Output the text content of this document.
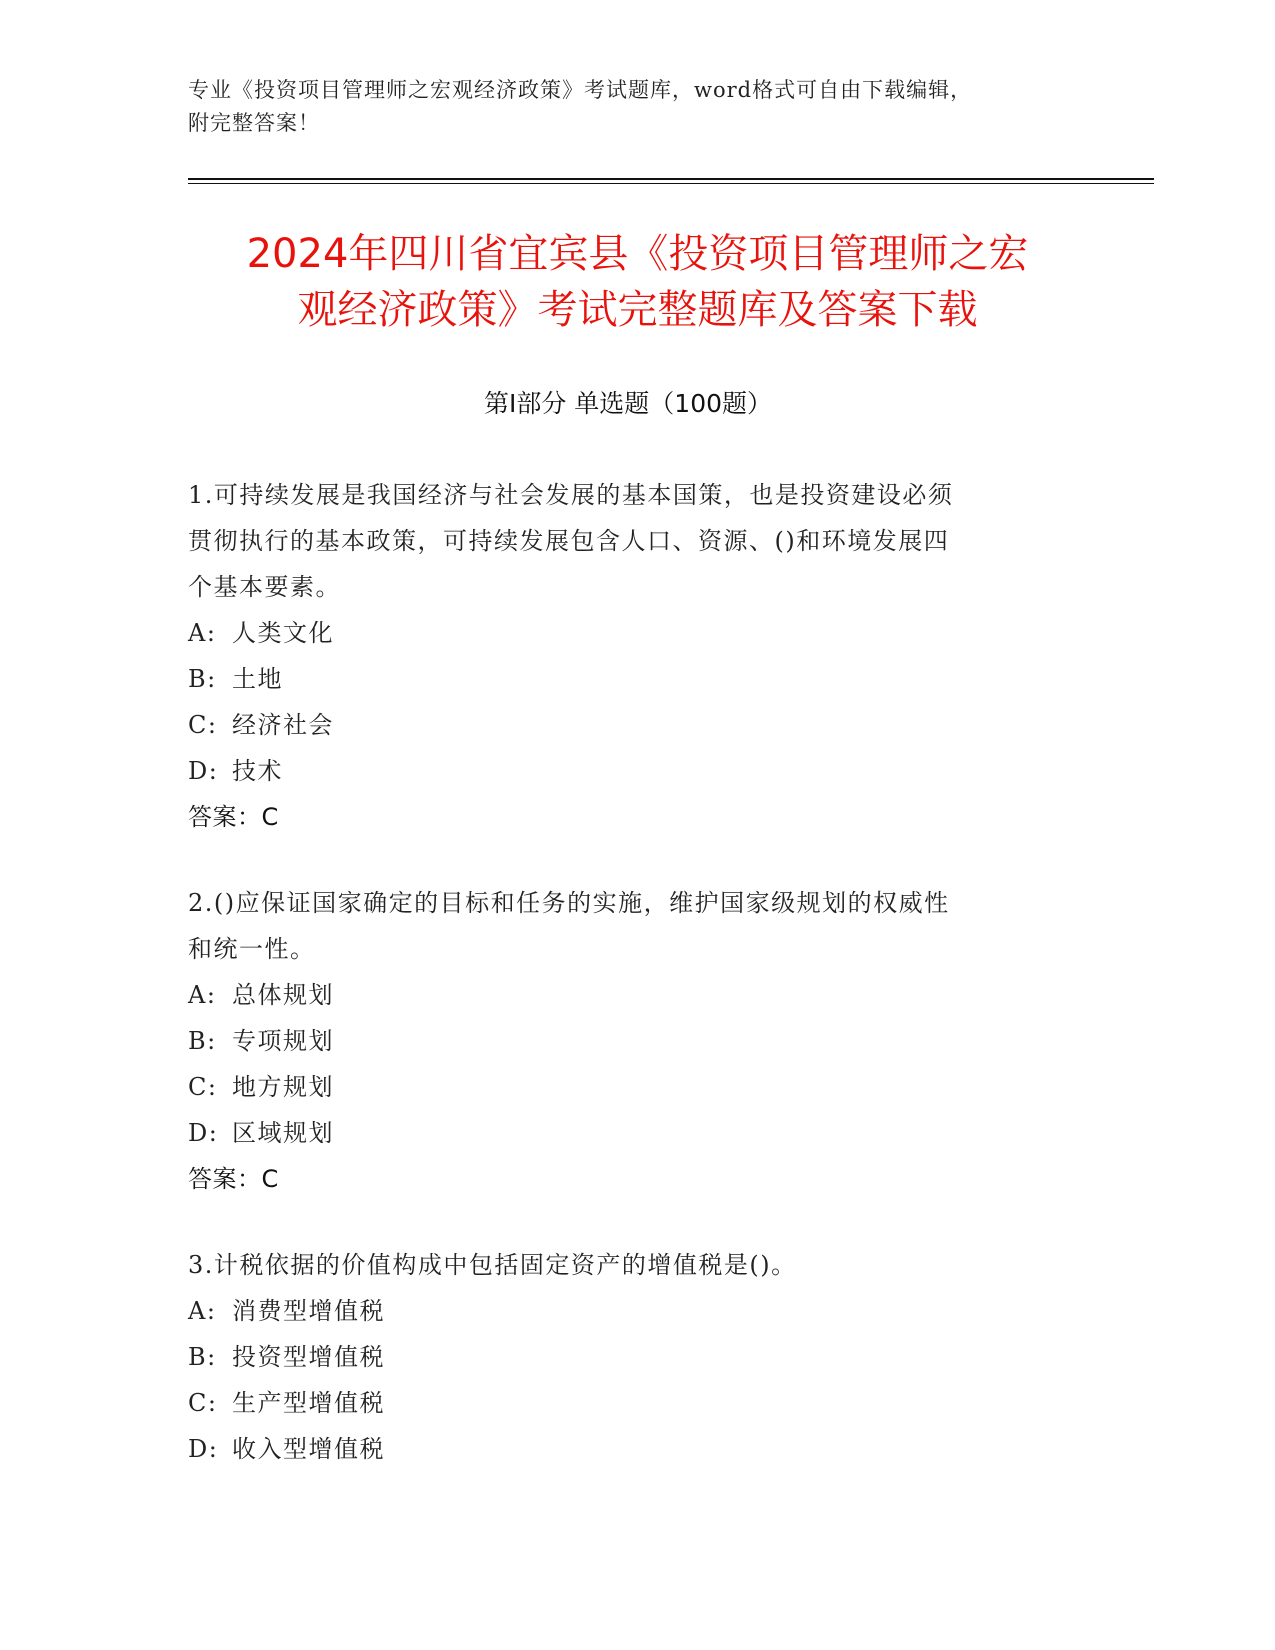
专业《投资项目管理师之宏观经济政策》考试题库，word格式可自由下载编辑，
附完整答案！
2024年四川省宜宾县《投资项目管理师之宏
观经济政策》考试完整题库及答案下载
第Ⅰ部分 单选题（100题）
1.可持续发展是我国经济与社会发展的基本国策，也是投资建设必须
贯彻执行的基本政策，可持续发展包含人口、资源、()和环境发展四
个基本要素。
A: 人类文化
B: 土地
C: 经济社会
D: 技术
答案：C
2.()应保证国家确定的目标和任务的实施，维护国家级规划的权威性
和统一性。
A: 总体规划
B: 专项规划
C: 地方规划
D: 区域规划
答案：C
3.计税依据的价值构成中包括固定资产的增值税是()。
A: 消费型增值税
B: 投资型增值税
C: 生产型增值税
D: 收入型增值税
